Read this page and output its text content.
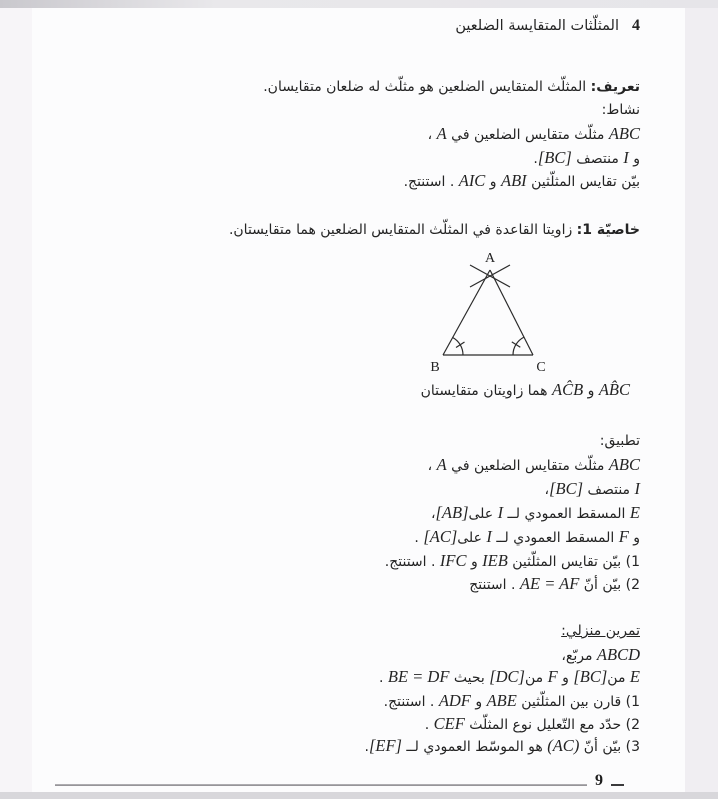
4المثلّثات المتقايسة الضلعين
تعريف: المثلّث المتقايس الضلعين هو مثلّث له ضلعان متقايسان.
نشاط:
ABC مثلّث متقايس الضلعين في A ،
و I منتصف [BC].
بيّن تقايس المثلّثين ABI و AIC . استنتج.
خاصيّة 1: زاويتا القاعدة في المثلّث المتقايس الضلعين هما متقايستان.
A
B	C
AB̂C و AĈB هما زاويتان متقايستان
تطبيق:
ABC مثلّث متقايس الضلعين في A ،
I منتصف [BC]،
E المسقط العمودي لــ I على[AB]،
و F المسقط العمودي لــ I على[AC] .
1) بيّن تقايس المثلّثين IEB و IFC . استنتج.
2) بيّن أنّ AE = AF . استنتج
تمرين منزلي:
ABCD مربّع،
E من[BC] و F من[DC] بحيث BE = DF .
1) قارن بين المثلّثين ABE و ADF . استنتج.
2) حدّد مع التّعليل نوع المثلّث CEF .
3) بيّن أنّ (AC) هو الموسّط العمودي لــ [EF].
9
